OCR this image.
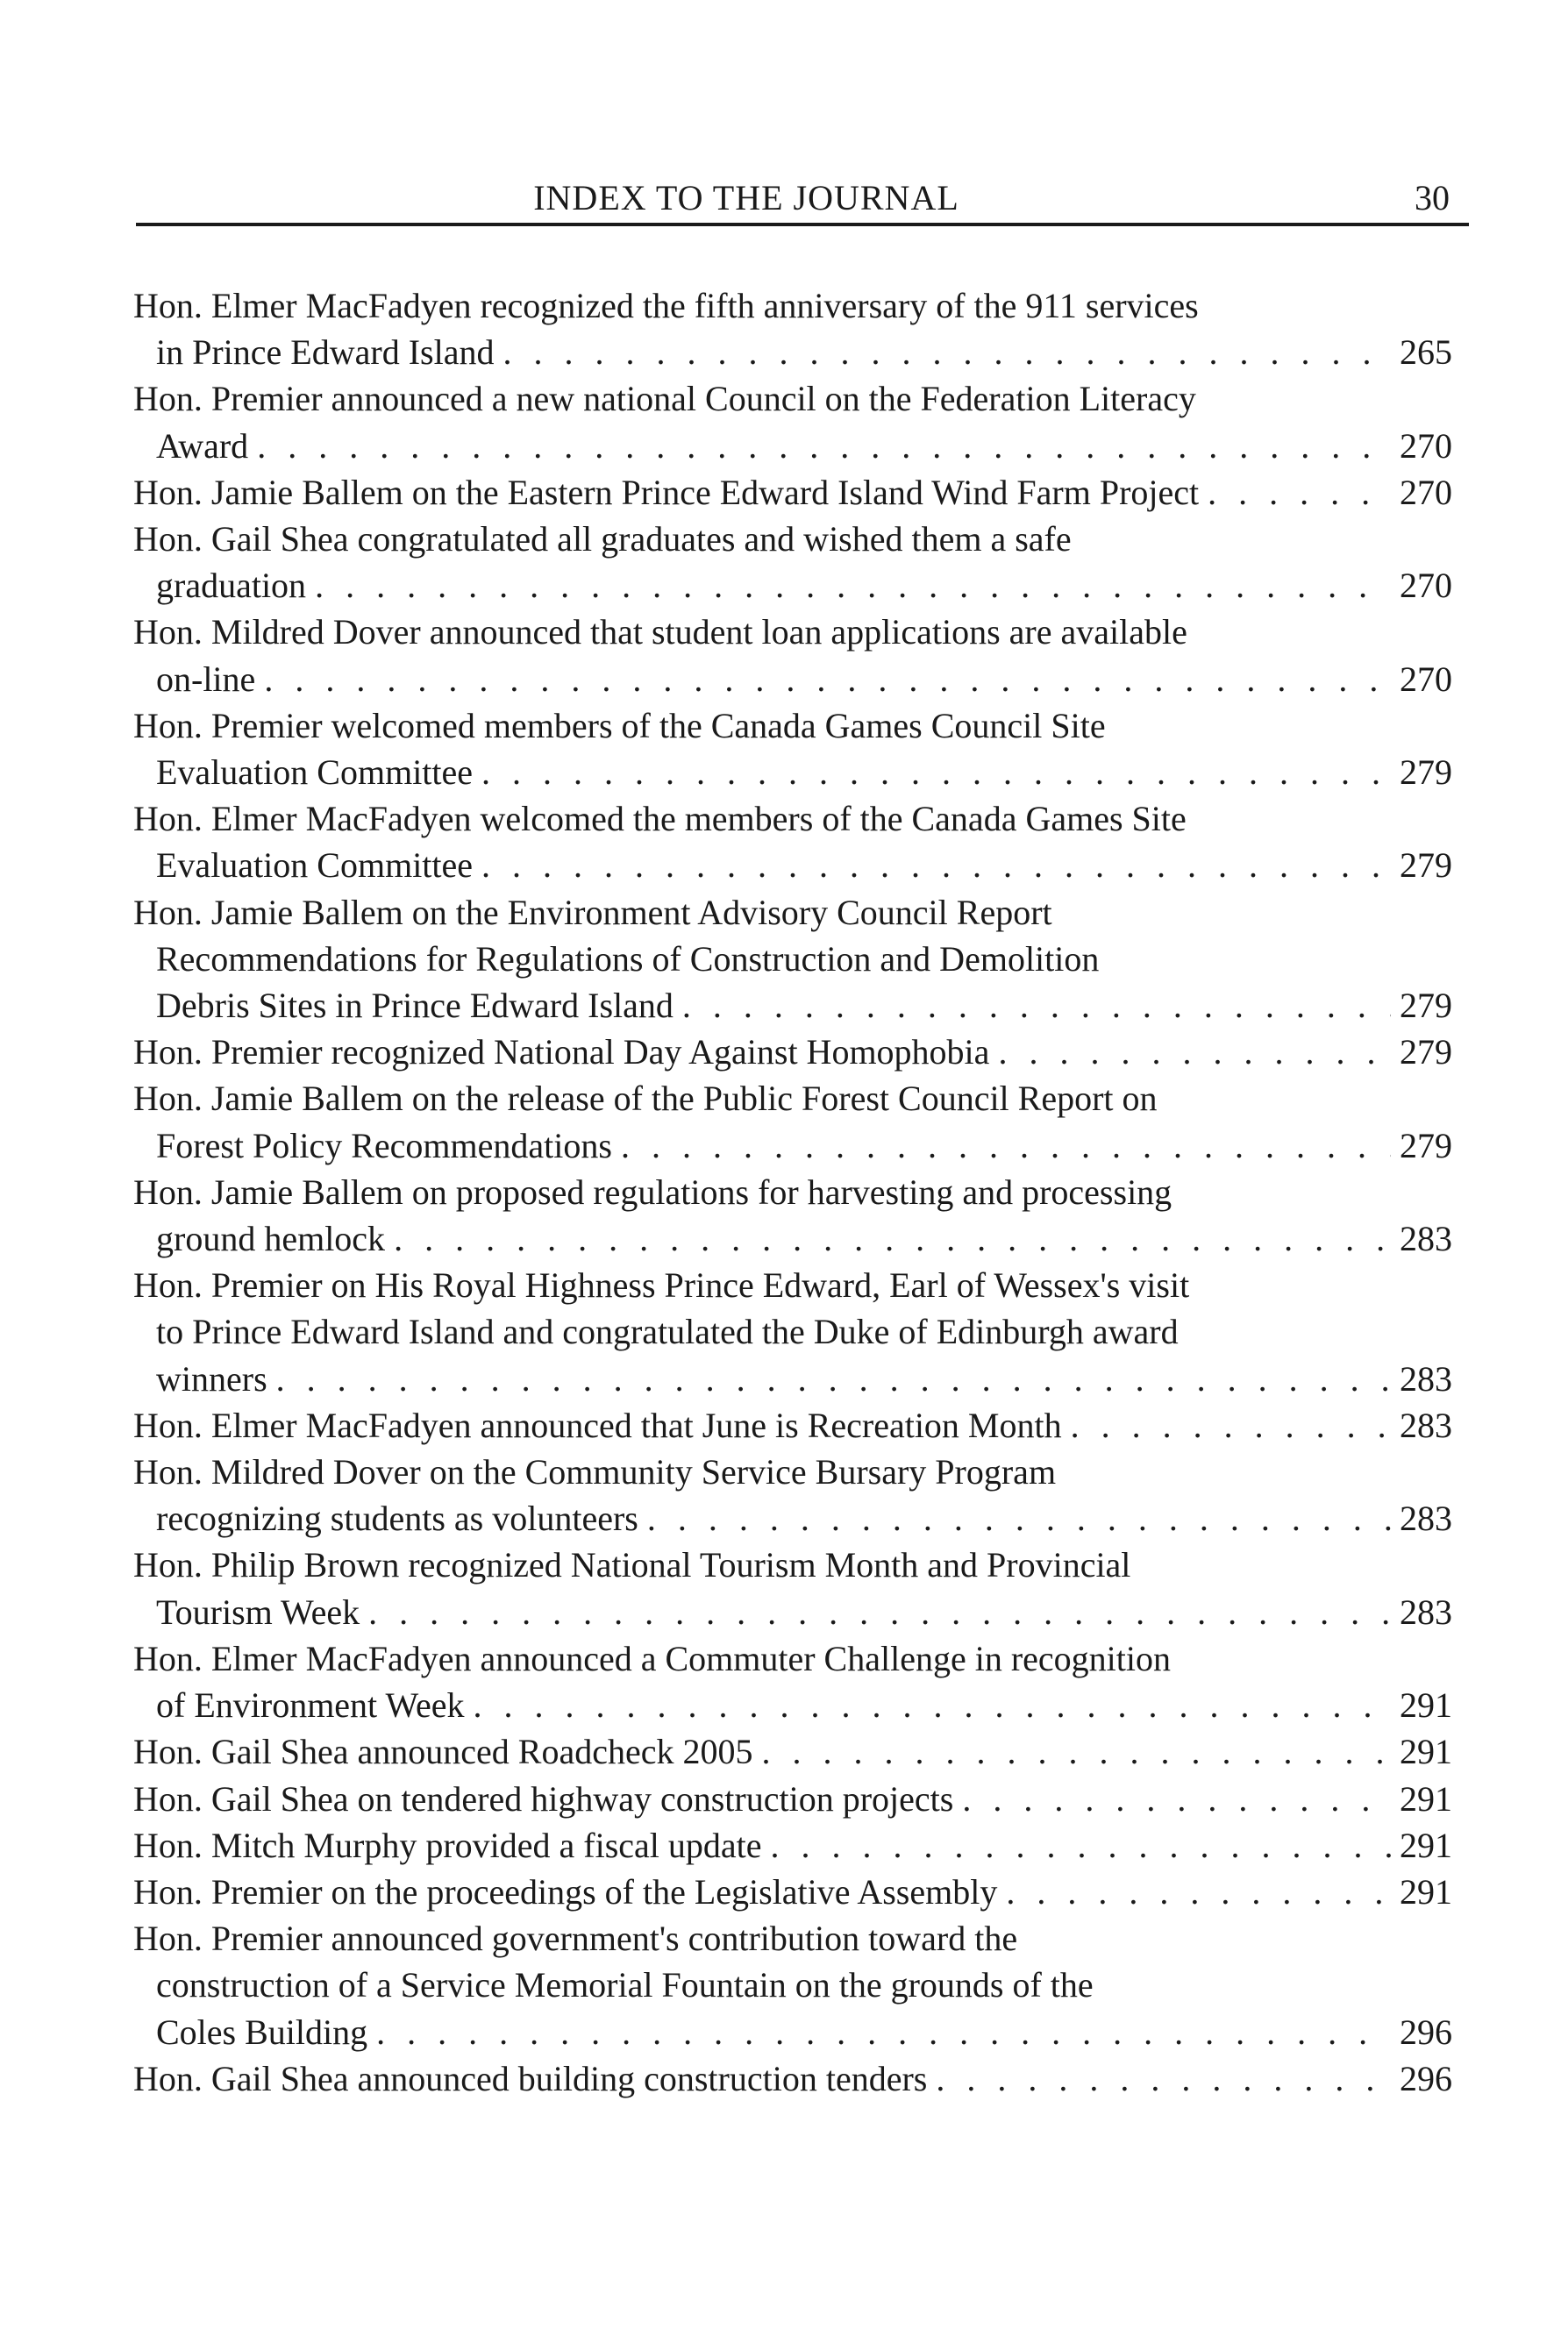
INDEX TO THE JOURNAL	30
Hon. Elmer MacFadyen recognized the fifth anniversary of the 911 services
in Prince Edward Island . . .	265
Hon. Premier announced a new national Council on the Federation Literacy
Award . . .	270
Hon. Jamie Ballem on the Eastern Prince Edward Island Wind Farm Project . . .	270
Hon. Gail Shea congratulated all graduates and wished them a safe
graduation . . .	270
Hon. Mildred Dover announced that student loan applications are available
on-line . . .	270
Hon. Premier welcomed members of the Canada Games Council Site
Evaluation Committee . . .	279
Hon. Elmer MacFadyen welcomed the members of the Canada Games Site
Evaluation Committee . . .	279
Hon. Jamie Ballem on the Environment Advisory Council Report
Recommendations for Regulations of Construction and Demolition
Debris Sites in Prince Edward Island . . .	279
Hon. Premier recognized National Day Against Homophobia . . .	279
Hon. Jamie Ballem on the release of the Public Forest Council Report on
Forest Policy Recommendations . . .	279
Hon. Jamie Ballem on proposed regulations for harvesting and processing
ground hemlock . . .	283
Hon. Premier on His Royal Highness Prince Edward, Earl of Wessex's visit
to Prince Edward Island and congratulated the Duke of Edinburgh award
winners . . .	283
Hon. Elmer MacFadyen announced that June is Recreation Month . . .	283
Hon. Mildred Dover on the Community Service Bursary Program
recognizing students as volunteers . . .	283
Hon. Philip Brown recognized National Tourism Month and Provincial
Tourism Week . . .	283
Hon. Elmer MacFadyen announced a Commuter Challenge in recognition
of Environment Week . . .	291
Hon. Gail Shea announced Roadcheck 2005 . . .	291
Hon. Gail Shea on tendered highway construction projects . . .	291
Hon. Mitch Murphy provided a fiscal update . . .	291
Hon. Premier on the proceedings of the Legislative Assembly . . .	291
Hon. Premier announced government's contribution toward the
construction of a Service Memorial Fountain on the grounds of the
Coles Building . . .	296
Hon. Gail Shea announced building construction tenders . . .	296
